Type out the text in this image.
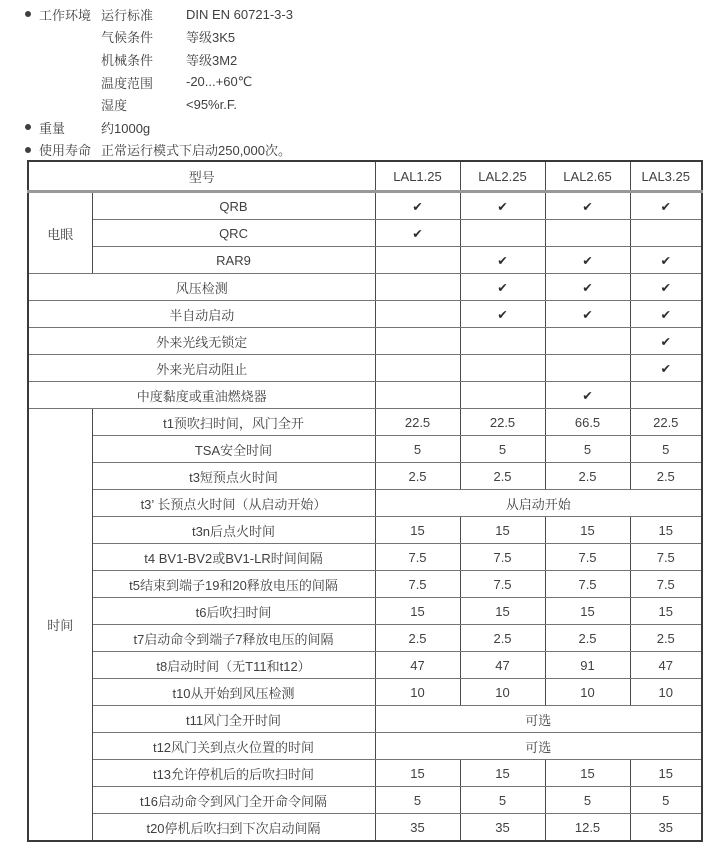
工作环境 运行标准	DIN EN 60721-3-3
气候条件	等级3K5
机械条件	等级3M2
温度范围	-20...+60℃
湿度	<95%r.F.
重量	约1000g
使用寿命 正常运行模式下启动250,000次。
型号		LAL1.25	LAL2.25	LAL2.65	LAL3.25
电眼	QRB	✔	✔	✔	✔
	QRC	✔			
	RAR9		✔	✔	✔
风压检测			✔	✔	✔
半自动启动			✔	✔	✔
外来光线无锁定					✔
外来光启动阻止					✔
中度黏度或重油燃烧器				✔	
时间	t1预吹扫时间，风门全开	22.5	22.5	66.5	22.5
	TSA安全时间	5	5	5	5
	t3短预点火时间	2.5	2.5	2.5	2.5
	t3’ 长预点火时间（从启动开始）	从启动开始			
	t3n后点火时间	15	15	15	15
	t4 BV1-BV2或BV1-LR时间间隔	7.5	7.5	7.5	7.5
	t5结束到端子19和20释放电压的间隔	7.5	7.5	7.5	7.5
	t6后吹扫时间	15	15	15	15
	t7启动命令到端子7释放电压的间隔	2.5	2.5	2.5	2.5
	t8启动时间（无T11和t12）	47	47	91	47
	t10从开始到风压检测	10	10	10	10
	t11风门全开时间	可选			
	t12风门关到点火位置的时间	可选			
	t13允许停机后的后吹扫时间	15	15	15	15
	t16启动命令到风门全开命令间隔	5	5	5	5
	t20停机后吹扫到下次启动间隔	35	35	12.5	35
